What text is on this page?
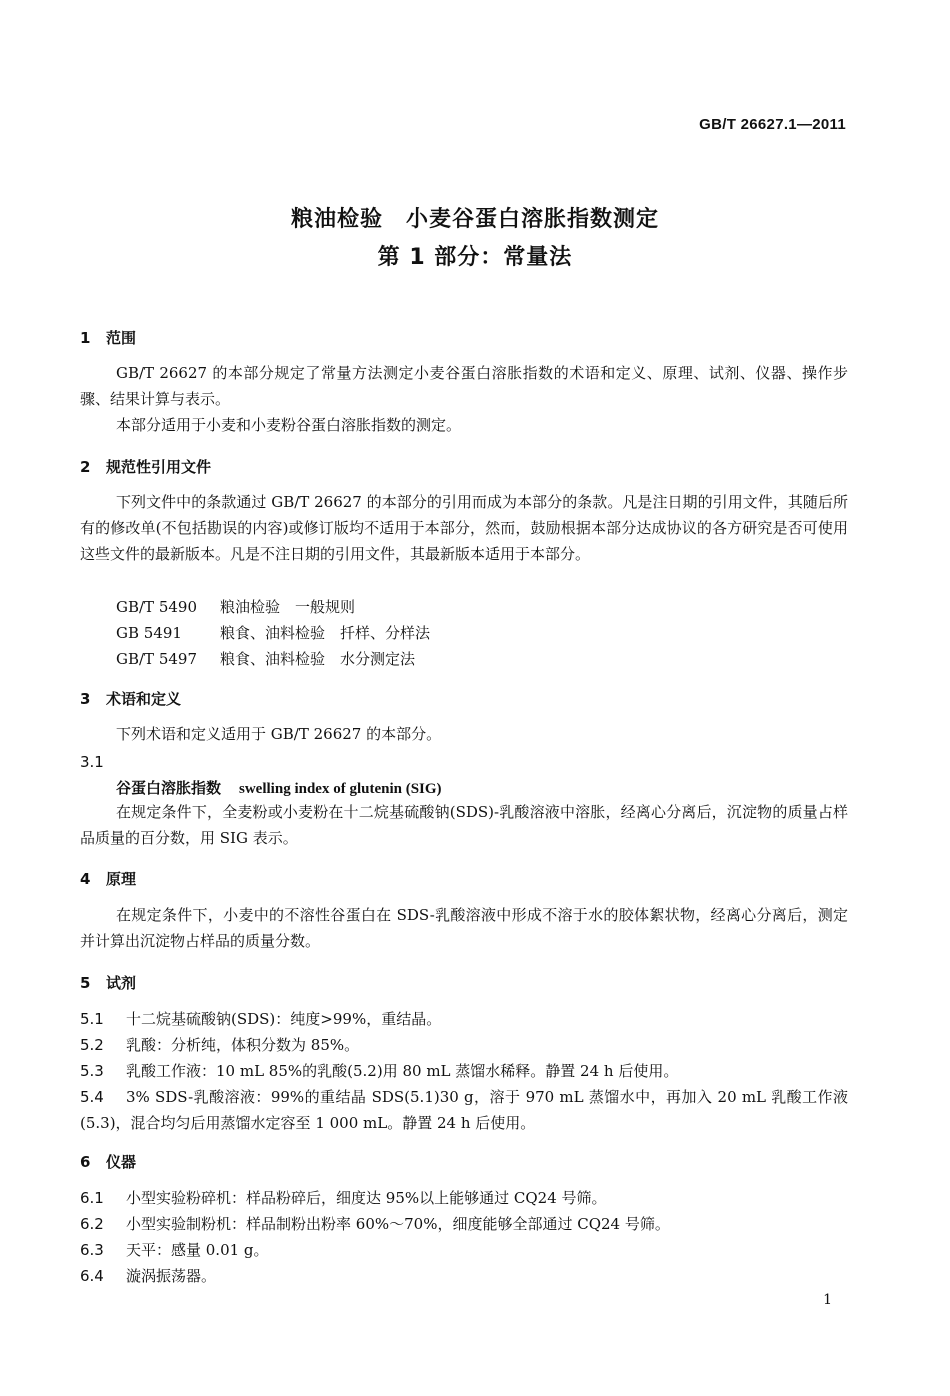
GB/T 26627.1—2011
粮油检验　小麦谷蛋白溶胀指数测定
第 1 部分：常量法
1 范围

GB/T 26627 的本部分规定了常量方法测定小麦谷蛋白溶胀指数的术语和定义、原理、试剂、仪器、操作步骤、结果计算与表示。

本部分适用于小麦和小麦粉谷蛋白溶胀指数的测定。

2 规范性引用文件

下列文件中的条款通过 GB/T 26627 的本部分的引用而成为本部分的条款。凡是注日期的引用文件，其随后所有的修改单(不包括勘误的内容)或修订版均不适用于本部分，然而，鼓励根据本部分达成协议的各方研究是否可使用这些文件的最新版本。凡是不注日期的引用文件，其最新版本适用于本部分。

GB/T 5490 粮油检验　一般规则
GB 5491	粮食、油料检验　扦样、分样法
GB/T 5497 粮食、油料检验　水分测定法
3 术语和定义

下列术语和定义适用于 GB/T 26627 的本部分。

3.1
谷蛋白溶胀指数 swelling index of glutenin (SIG)

在规定条件下，全麦粉或小麦粉在十二烷基硫酸钠(SDS)-乳酸溶液中溶胀，经离心分离后，沉淀物的质量占样品质量的百分数，用 SIG 表示。

4 原理

在规定条件下，小麦中的不溶性谷蛋白在 SDS-乳酸溶液中形成不溶于水的胶体絮状物，经离心分离后，测定并计算出沉淀物占样品的质量分数。

5 试剂
5.1 十二烷基硫酸钠(SDS)：纯度>99%，重结晶。
5.2 乳酸：分析纯，体积分数为 85%。
5.3 乳酸工作液：10 mL 85%的乳酸(5.2)用 80 mL 蒸馏水稀释。静置 24 h 后使用。
5.4 3% SDS-乳酸溶液：99%的重结晶 SDS(5.1)30 g，溶于 970 mL 蒸馏水中，再加入 20 mL 乳酸工作液(5.3)，混合均匀后用蒸馏水定容至 1 000 mL。静置 24 h 后使用。
6 仪器
6.1 小型实验粉碎机：样品粉碎后，细度达 95%以上能够通过 CQ24 号筛。
6.2 小型实验制粉机：样品制粉出粉率 60%～70%，细度能够全部通过 CQ24 号筛。
6.3 天平：感量 0.01 g。
6.4 漩涡振荡器。
1
